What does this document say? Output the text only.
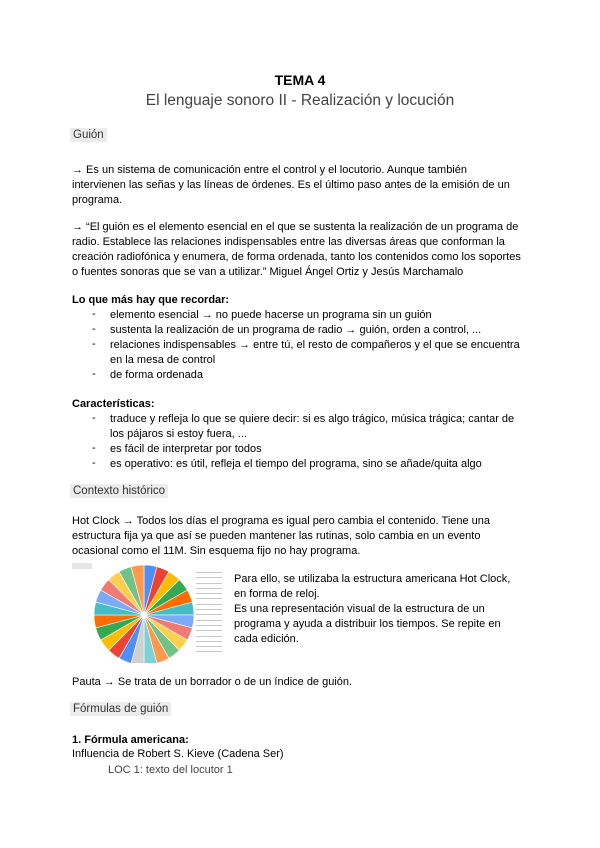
TEMA 4
El lenguaje sonoro II - Realización y locución
Guión
→ Es un sistema de comunicación entre el control y el locutorio. Aunque también
intervienen las señas y las líneas de órdenes. Es el último paso antes de la emisión de un
programa.
→ “El guión es el elemento esencial en el que se sustenta la realización de un programa de
radio. Establece las relaciones indispensables entre las diversas áreas que conforman la
creación radiofónica y enumera, de forma ordenada, tanto los contenidos como los soportes
o fuentes sonoras que se van a utilizar.” Miguel Ángel Ortiz y Jesús Marchamalo
Lo que más hay que recordar:
- elemento esencial → no puede hacerse un programa sin un guión
- sustenta la realización de un programa de radio → guión, orden a control, ...
- relaciones indispensables → entre tú, el resto de compañeros y el que se encuentra
en la mesa de control
- de forma ordenada
Características:
- traduce y refleja lo que se quiere decir: si es algo trágico, música trágica; cantar de
los pájaros si estoy fuera, ...
- es fácil de interpretar por todos
- es operativo: es útil, refleja el tiempo del programa, sino se añade/quita algo
Contexto histórico
Hot Clock → Todos los días el programa es igual pero cambia el contenido. Tiene una
estructura fija ya que así se pueden mantener las rutinas, solo cambia en un evento
ocasional como el 11M. Sin esquema fijo no hay programa.
Para ello, se utilizaba la estructura americana Hot Clock,
en forma de reloj.
Es una representación visual de la estructura de un
programa y ayuda a distribuir los tiempos. Se repite en
cada edición.
Pauta → Se trata de un borrador o de un índice de guión.
Fórmulas de guión
1. Fórmula americana:
Influencia de Robert S. Kieve (Cadena Ser)
LOC 1: texto del locutor 1
